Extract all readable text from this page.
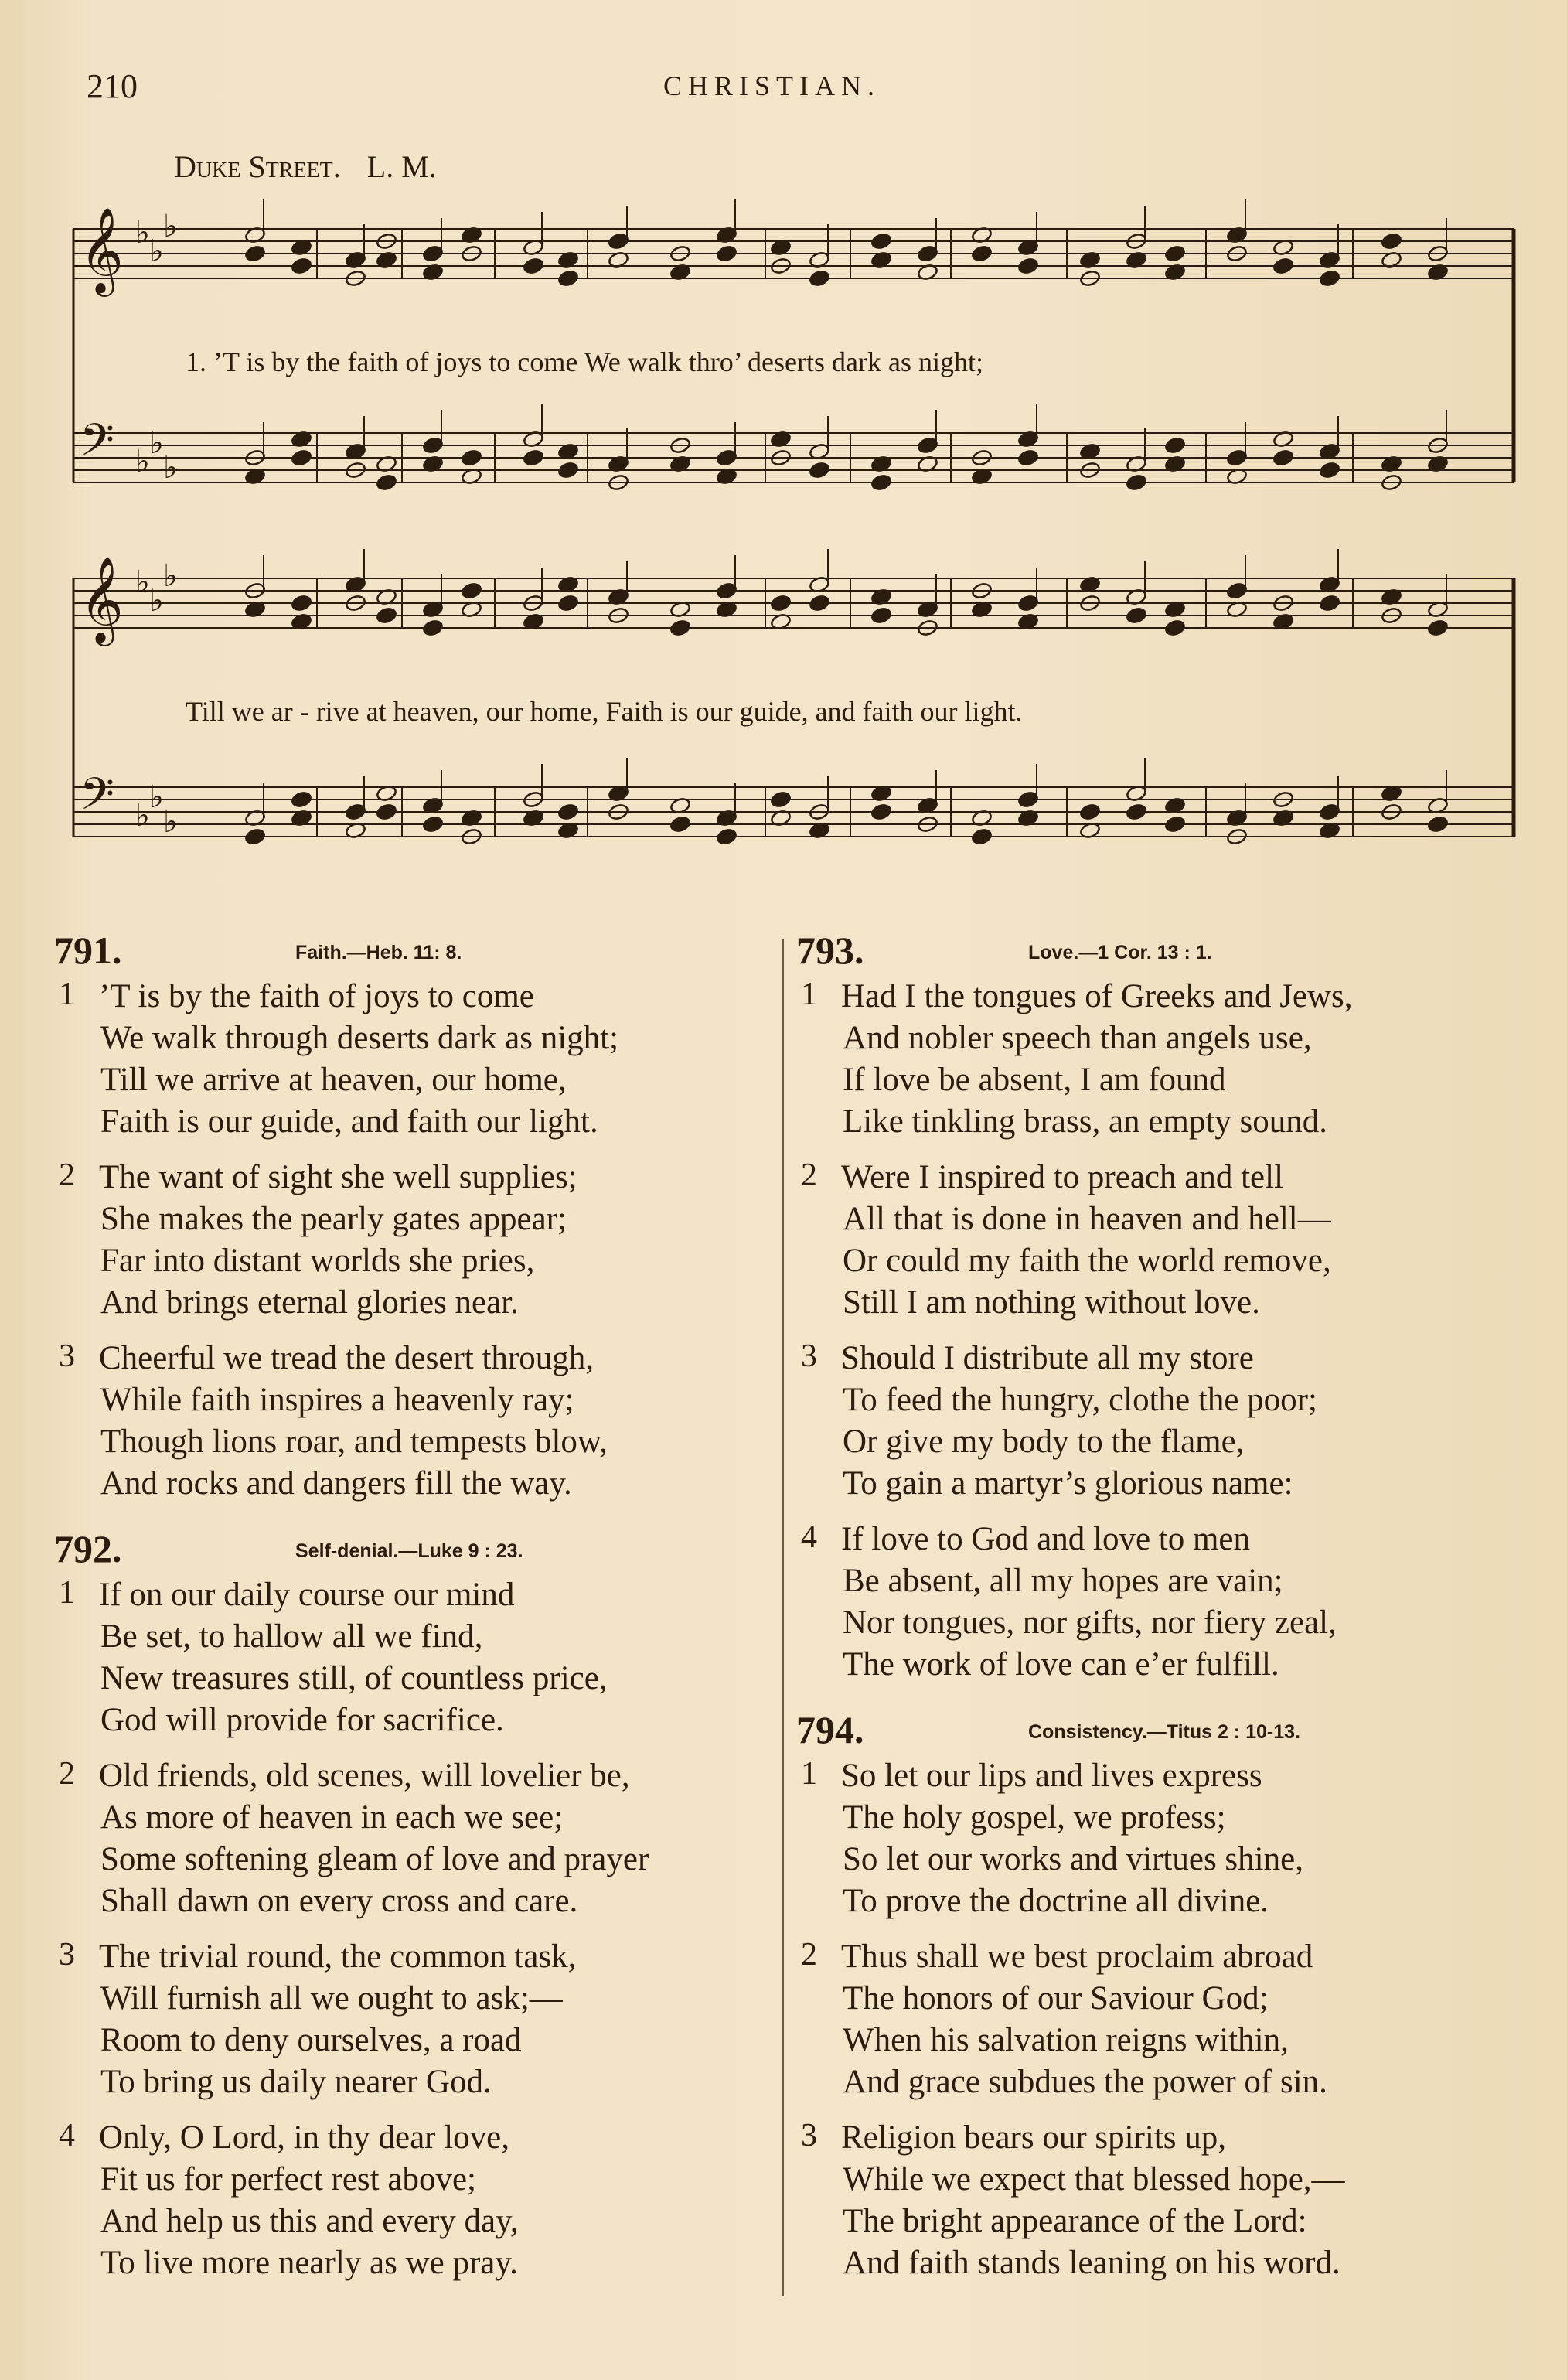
210	CHRISTIAN.
Duke Street. L. M.
𝄞 ♭
♭
♭
𝄢 ♭
♭
♭
𝄞 ♭
♭
♭
𝄢 ♭
♭
♭
1. ’T is by the faith of joys to come We walk thro’ deserts dark as night;
Till we ar - rive at heaven, our home, Faith is our guide, and faith our light.
791.	Faith.—Heb. 11: 8.
1 ’T is by the faith of joys to come
We walk through deserts dark as night;
Till we arrive at heaven, our home,
Faith is our guide, and faith our light.
2 The want of sight she well supplies;
She makes the pearly gates appear;
Far into distant worlds she pries,
And brings eternal glories near.
3 Cheerful we tread the desert through,
While faith inspires a heavenly ray;
Though lions roar, and tempests blow,
And rocks and dangers fill the way.
792.	Self-denial.—Luke 9 : 23.
1 If on our daily course our mind
Be set, to hallow all we find,
New treasures still, of countless price,
God will provide for sacrifice.
2 Old friends, old scenes, will lovelier be,
As more of heaven in each we see;
Some softening gleam of love and prayer
Shall dawn on every cross and care.
3 The trivial round, the common task,
Will furnish all we ought to ask;—
Room to deny ourselves, a road
To bring us daily nearer God.
4 Only, O Lord, in thy dear love,
Fit us for perfect rest above;
And help us this and every day,
To live more nearly as we pray.
793.	Love.—1 Cor. 13 : 1.
1 Had I the tongues of Greeks and Jews,
And nobler speech than angels use,
If love be absent, I am found
Like tinkling brass, an empty sound.
2 Were I inspired to preach and tell
All that is done in heaven and hell—
Or could my faith the world remove,
Still I am nothing without love.
3 Should I distribute all my store
To feed the hungry, clothe the poor;
Or give my body to the flame,
To gain a martyr’s glorious name:
4 If love to God and love to men
Be absent, all my hopes are vain;
Nor tongues, nor gifts, nor fiery zeal,
The work of love can e’er fulfill.
794.	Consistency.—Titus 2 : 10-13.
1 So let our lips and lives express
The holy gospel, we profess;
So let our works and virtues shine,
To prove the doctrine all divine.
2 Thus shall we best proclaim abroad
The honors of our Saviour God;
When his salvation reigns within,
And grace subdues the power of sin.
3 Religion bears our spirits up,
While we expect that blessed hope,—
The bright appearance of the Lord:
And faith stands leaning on his word.
